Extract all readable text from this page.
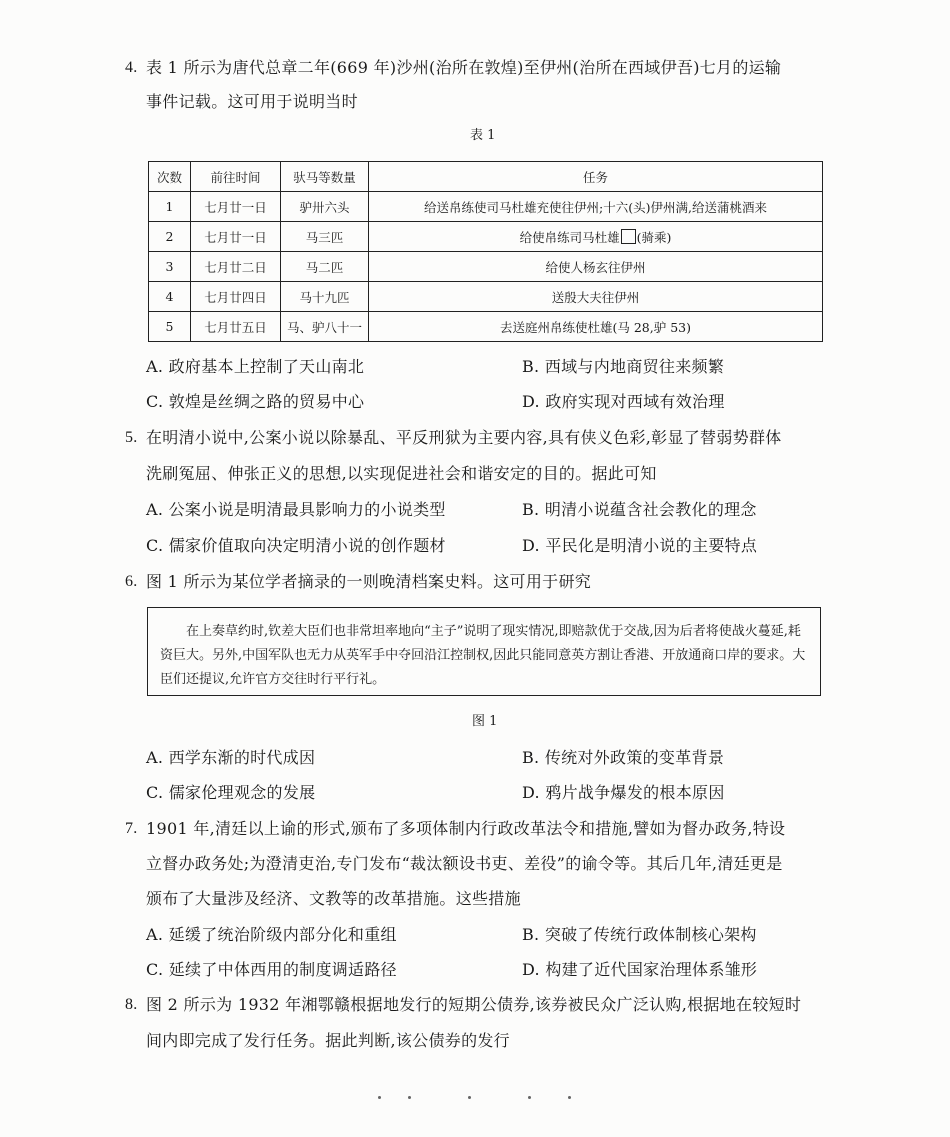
4. 表 1 所示为唐代总章二年(669 年)沙州(治所在敦煌)至伊州(治所在西域伊吾)七月的运输
事件记载。这可用于说明当时
表 1
次数	前往时间	驮马等数量	任务
1	七月廿一日	驴卅六头	给送帛练使司马杜雄充使往伊州;十六(头)伊州满,给送蒲桃酒来
2	七月廿一日	马三匹	给使帛练司马杜雄 (骑乘)
3	七月廿二日	马二匹	给使人杨玄往伊州
4	七月廿四日	马十九匹	送殷大夫往伊州
5	七月廿五日	马、驴八十一	去送庭州帛练使杜雄(马 28,驴 53)
A. 政府基本上控制了天山南北	B. 西域与内地商贸往来频繁
C. 敦煌是丝绸之路的贸易中心	D. 政府实现对西域有效治理
5. 在明清小说中,公案小说以除暴乱、平反刑狱为主要内容,具有侠义色彩,彰显了替弱势群体
洗刷冤屈、伸张正义的思想,以实现促进社会和谐安定的目的。据此可知
A. 公案小说是明清最具影响力的小说类型	B. 明清小说蕴含社会教化的理念
C. 儒家价值取向决定明清小说的创作题材	D. 平民化是明清小说的主要特点
6. 图 1 所示为某位学者摘录的一则晚清档案史料。这可用于研究
在上奏草约时,钦差大臣们也非常坦率地向“主子”说明了现实情况,即赔款优于交战,因为后者将使战火蔓延,耗资巨大。另外,中国军队也无力从英军手中夺回沿江控制权,因此只能同意英方割让香港、开放通商口岸的要求。大臣们还提议,允许官方交往时行平行礼。
图 1
A. 西学东渐的时代成因	B. 传统对外政策的变革背景
C. 儒家伦理观念的发展	D. 鸦片战争爆发的根本原因
7. 1901 年,清廷以上谕的形式,颁布了多项体制内行政改革法令和措施,譬如为督办政务,特设
立督办政务处;为澄清吏治,专门发布“裁汰额设书吏、差役”的谕令等。其后几年,清廷更是
颁布了大量涉及经济、文教等的改革措施。这些措施
A. 延缓了统治阶级内部分化和重组	B. 突破了传统行政体制核心架构
C. 延续了中体西用的制度调适路径	D. 构建了近代国家治理体系雏形
8. 图 2 所示为 1932 年湘鄂赣根据地发行的短期公债券,该券被民众广泛认购,根据地在较短时
间内即完成了发行任务。据此判断,该公债券的发行
